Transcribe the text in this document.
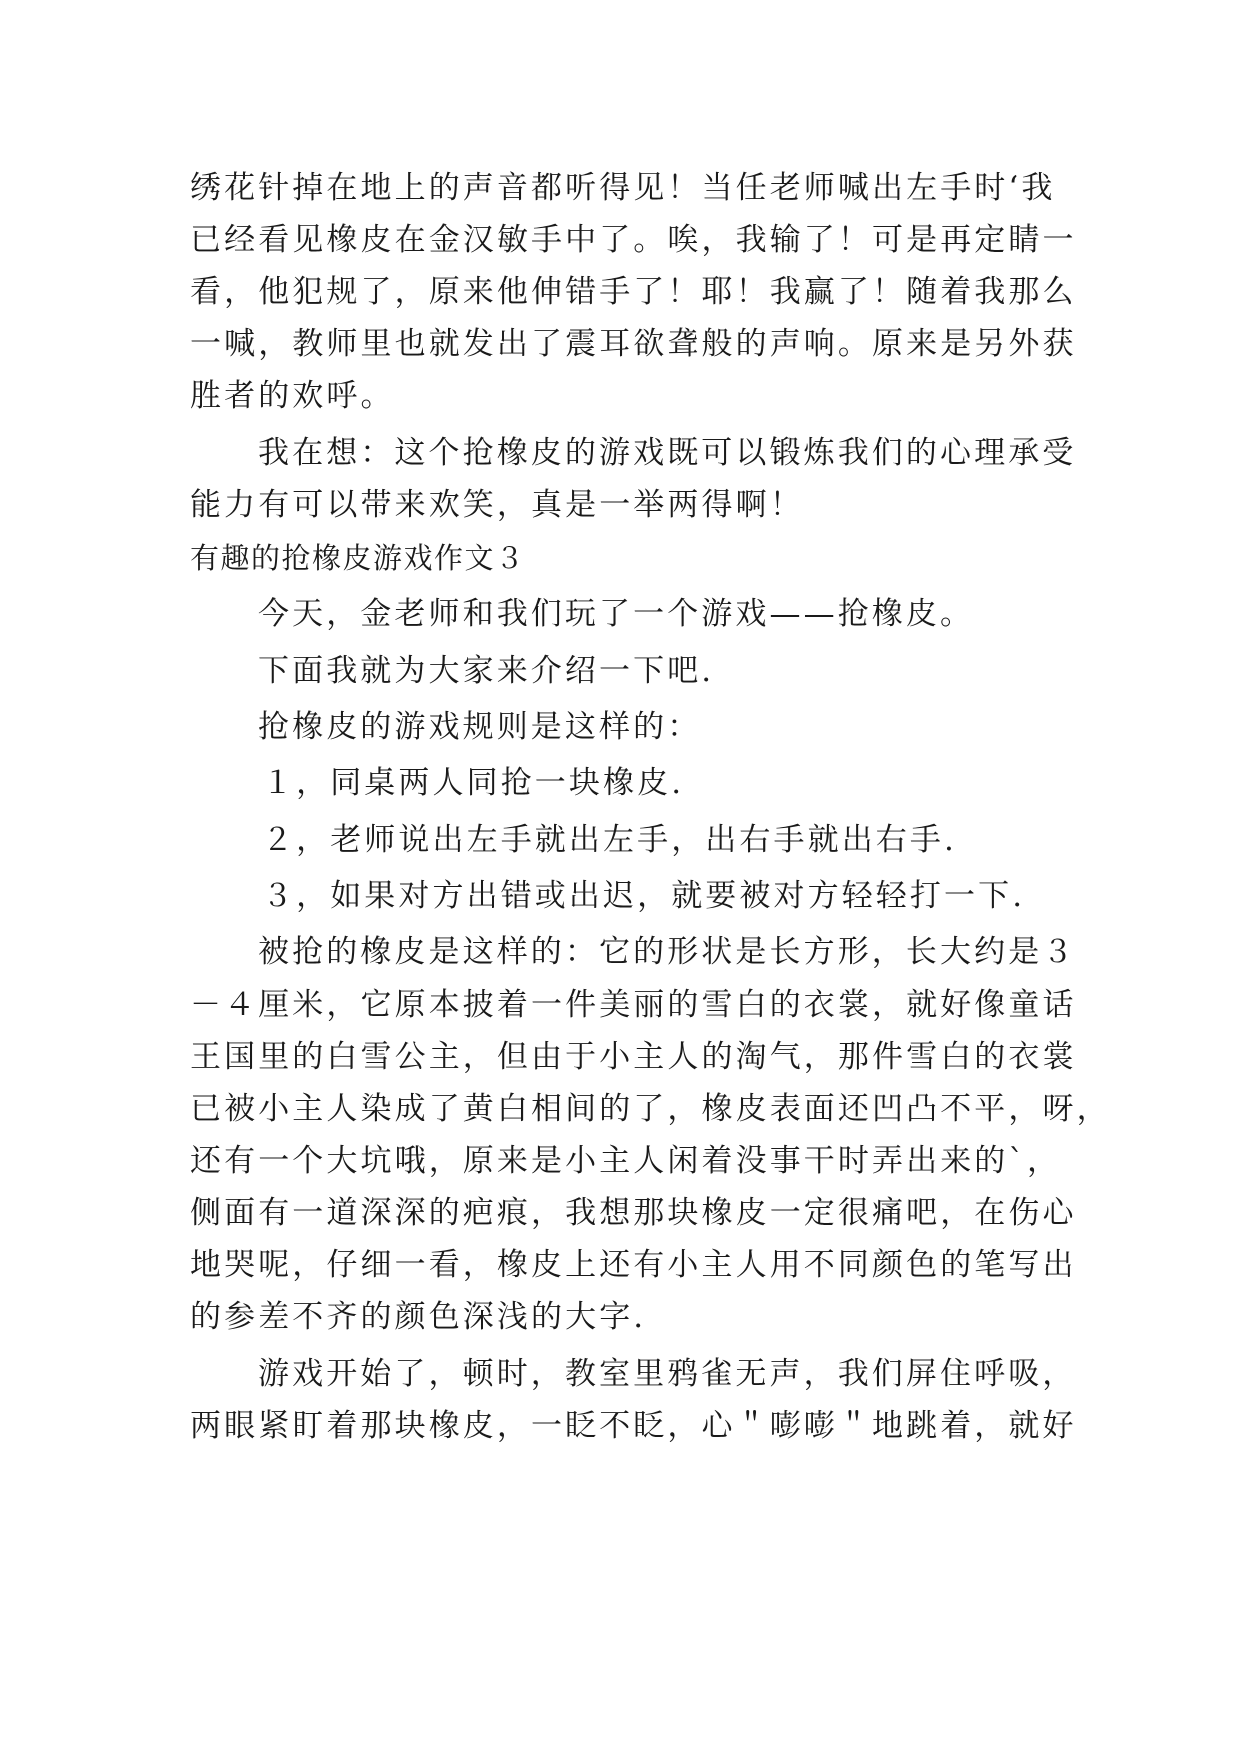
绣花针掉在地上的声音都听得见！当任老师喊出左手时‘我
已经看见橡皮在金汉敏手中了。唉，我输了！可是再定睛一
看，他犯规了，原来他伸错手了！耶！我赢了！随着我那么
一喊，教师里也就发出了震耳欲聋般的声响。原来是另外获
胜者的欢呼。
我在想：这个抢橡皮的游戏既可以锻炼我们的心理承受
能力有可以带来欢笑，真是一举两得啊！
有趣的抢橡皮游戏作文３
今天，金老师和我们玩了一个游戏——抢橡皮。
下面我就为大家来介绍一下吧.
抢橡皮的游戏规则是这样的：
１，同桌两人同抢一块橡皮.
２，老师说出左手就出左手，出右手就出右手.
３，如果对方出错或出迟，就要被对方轻轻打一下.
被抢的橡皮是这样的：它的形状是长方形，长大约是３
－４厘米，它原本披着一件美丽的雪白的衣裳，就好像童话
王国里的白雪公主，但由于小主人的淘气，那件雪白的衣裳
已被小主人染成了黄白相间的了，橡皮表面还凹凸不平，呀，
还有一个大坑哦，原来是小主人闲着没事干时弄出来的`，
侧面有一道深深的疤痕，我想那块橡皮一定很痛吧，在伤心
地哭呢，仔细一看，橡皮上还有小主人用不同颜色的笔写出
的参差不齐的颜色深浅的大字.
游戏开始了，顿时，教室里鸦雀无声，我们屏住呼吸，
两眼紧盯着那块橡皮，一眨不眨，心＂嘭嘭＂地跳着，就好
